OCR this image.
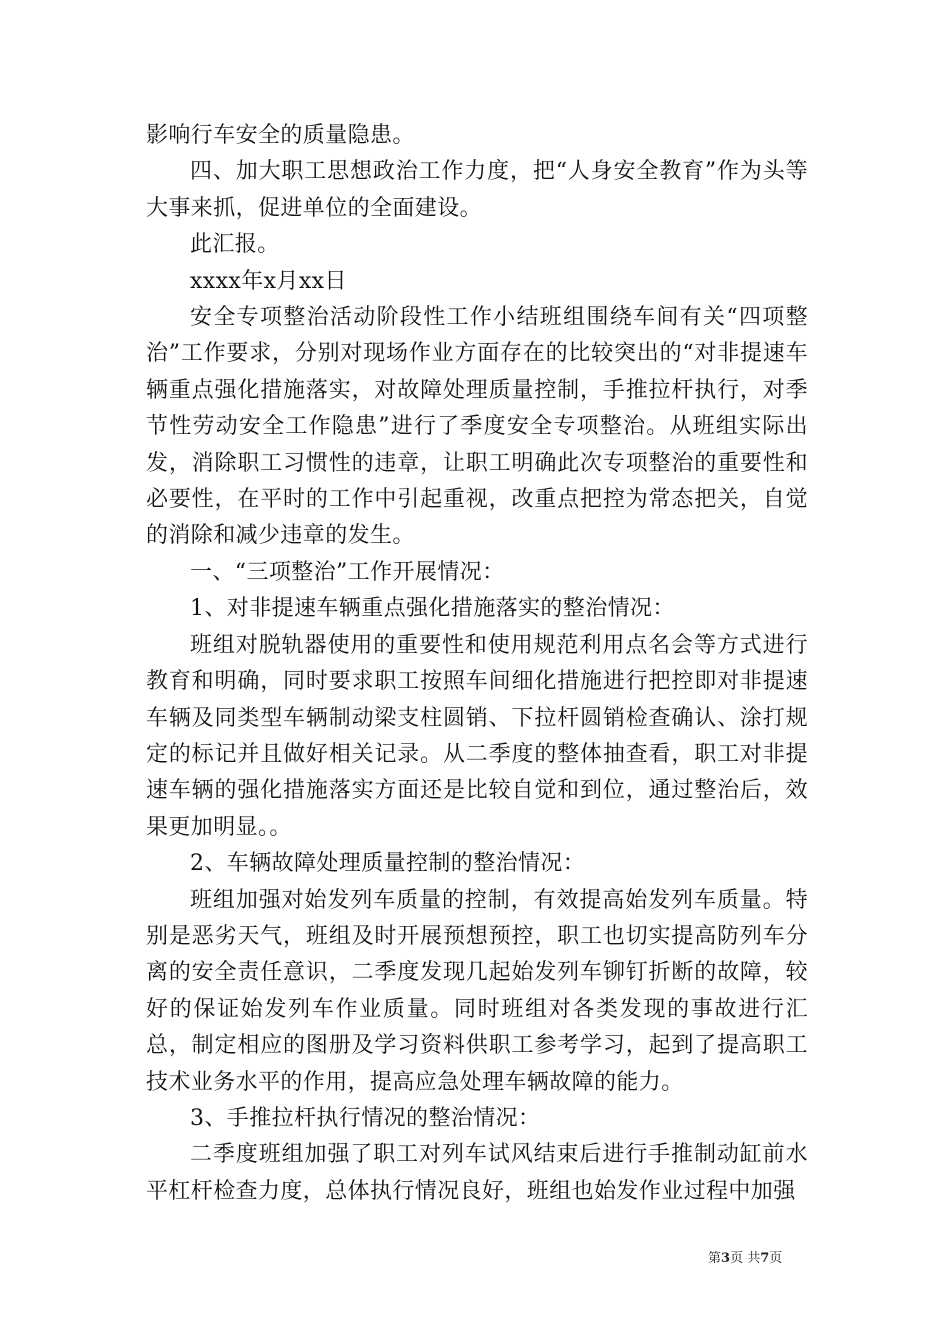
影响行车安全的质量隐患。

四、加大职工思想政治工作力度，把“人身安全教育”作为头等大事来抓，促进单位的全面建设。

此汇报。

xxxx年x月xx日

安全专项整治活动阶段性工作小结班组围绕车间有关“四项整治”工作要求，分别对现场作业方面存在的比较突出的“对非提速车辆重点强化措施落实，对故障处理质量控制，手推拉杆执行，对季节性劳动安全工作隐患”进行了季度安全专项整治。从班组实际出发，消除职工习惯性的违章，让职工明确此次专项整治的重要性和必要性，在平时的工作中引起重视，改重点把控为常态把关，自觉的消除和减少违章的发生。

一、“三项整治”工作开展情况：

1、对非提速车辆重点强化措施落实的整治情况：

班组对脱轨器使用的重要性和使用规范利用点名会等方式进行教育和明确，同时要求职工按照车间细化措施进行把控即对非提速车辆及同类型车辆制动梁支柱圆销、下拉杆圆销检查确认、涂打规定的标记并且做好相关记录。从二季度的整体抽查看，职工对非提速车辆的强化措施落实方面还是比较自觉和到位，通过整治后，效果更加明显。。

2、车辆故障处理质量控制的整治情况：

班组加强对始发列车质量的控制，有效提高始发列车质量。特别是恶劣天气，班组及时开展预想预控，职工也切实提高防列车分离的安全责任意识，二季度发现几起始发列车铆钉折断的故障，较好的保证始发列车作业质量。同时班组对各类发现的事故进行汇总，制定相应的图册及学习资料供职工参考学习，起到了提高职工技术业务水平的作用，提高应急处理车辆故障的能力。

3、手推拉杆执行情况的整治情况：

二季度班组加强了职工对列车试风结束后进行手推制动缸前水平杠杆检查力度，总体执行情况良好，班组也始发作业过程中加强

第3页 共7页
